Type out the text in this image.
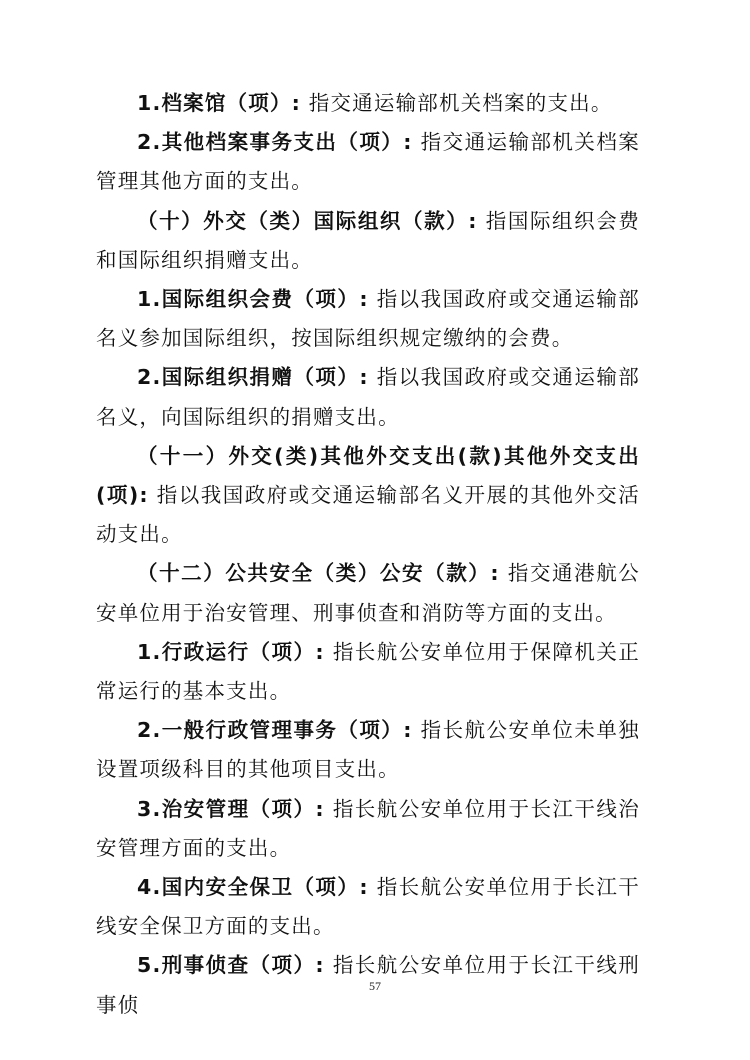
1.档案馆（项）: 指交通运输部机关档案的支出。

2.其他档案事务支出（项）: 指交通运输部机关档案管理其他方面的支出。

（十）外交（类）国际组织（款）: 指国际组织会费和国际组织捐赠支出。

1.国际组织会费（项）: 指以我国政府或交通运输部名义参加国际组织，按国际组织规定缴纳的会费。

2.国际组织捐赠（项）: 指以我国政府或交通运输部名义，向国际组织的捐赠支出。

（十一）外交(类)其他外交支出(款)其他外交支出(项): 指以我国政府或交通运输部名义开展的其他外交活动支出。

（十二）公共安全（类）公安（款）: 指交通港航公安单位用于治安管理、刑事侦查和消防等方面的支出。

1.行政运行（项）: 指长航公安单位用于保障机关正常运行的基本支出。

2.一般行政管理事务（项）: 指长航公安单位未单独设置项级科目的其他项目支出。

3.治安管理（项）: 指长航公安单位用于长江干线治安管理方面的支出。

4.国内安全保卫（项）: 指长航公安单位用于长江干线安全保卫方面的支出。

5.刑事侦查（项）: 指长航公安单位用于长江干线刑事侦

57
